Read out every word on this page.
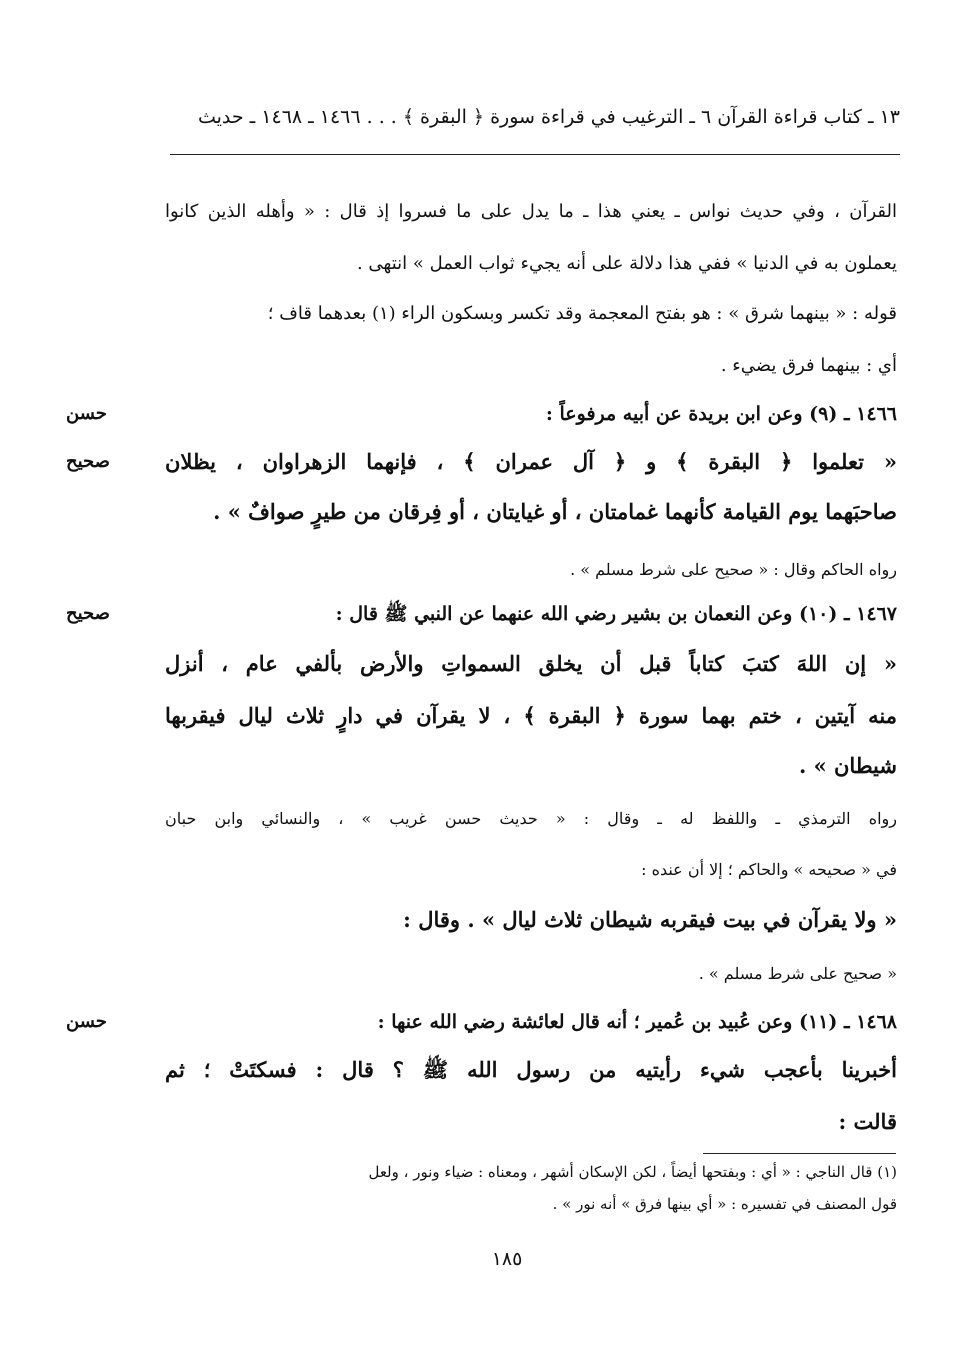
١٣ ـ كتاب قراءة القرآن ٦ ـ الترغيب في قراءة سورة ﴿ البقرة ﴾ . . . ١٤٦٦ ـ ١٤٦٨ ـ حديث
القرآن ، وفي حديث نواس ـ يعني هذا ـ ما يدل على ما فسروا إذ قال : « وأهله الذين كانوا
يعملون به في الدنيا » ففي هذا دلالة على أنه يجيء ثواب العمل » انتهى .
قوله : « بينهما شرق » : هو بفتح المعجمة وقد تكسر وبسكون الراء (١) بعدهما قاف ؛
أي : بينهما فرق يضيء .
١٤٦٦ ـ (٩) وعن ابن بريدة عن أبيه مرفوعاً :
حسن
« تعلموا ﴿ البقرة ﴾ و ﴿ آل عمران ﴾ ، فإنهما الزهراوان ، يظلان
صحيح
صاحبَهما يوم القيامة كأنهما غمامتان ، أو غيايتان ، أو فِرقان من طيرٍ صوافٌ » .
رواه الحاكم وقال : « صحيح على شرط مسلم » .
١٤٦٧ ـ (١٠) وعن النعمان بن بشير رضي الله عنهما عن النبي ﷺ قال :
صحيح
« إن اللهَ كتبَ كتاباً قبل أن يخلق السمواتِ والأرض بألفي عام ، أنزل
منه آيتين ، ختم بهما سورة ﴿ البقرة ﴾ ، لا يقرآن في دارٍ ثلاث ليال فيقربها
شيطان » .
رواه الترمذي ـ واللفظ له ـ وقال : « حديث حسن غريب » ، والنسائي وابن حبان
في « صحيحه » والحاكم ؛ إلا أن عنده :
« ولا يقرآن في بيت فيقربه شيطان ثلاث ليال » . وقال :
« صحيح على شرط مسلم » .
١٤٦٨ ـ (١١) وعن عُبيد بن عُمير ؛ أنه قال لعائشة رضي الله عنها :
حسن
أخبرينا بأعجب شيء رأيتيه من رسول الله ﷺ ؟ قال : فسكتَتْ ؛ ثم
قالت :
(١) قال الناجي : « أي : وبفتحها أيضاً ، لكن الإسكان أشهر ، ومعناه : ضياء ونور ، ولعل
قول المصنف في تفسيره : « أي بينها فرق » أنه نور » .
١٨٥
